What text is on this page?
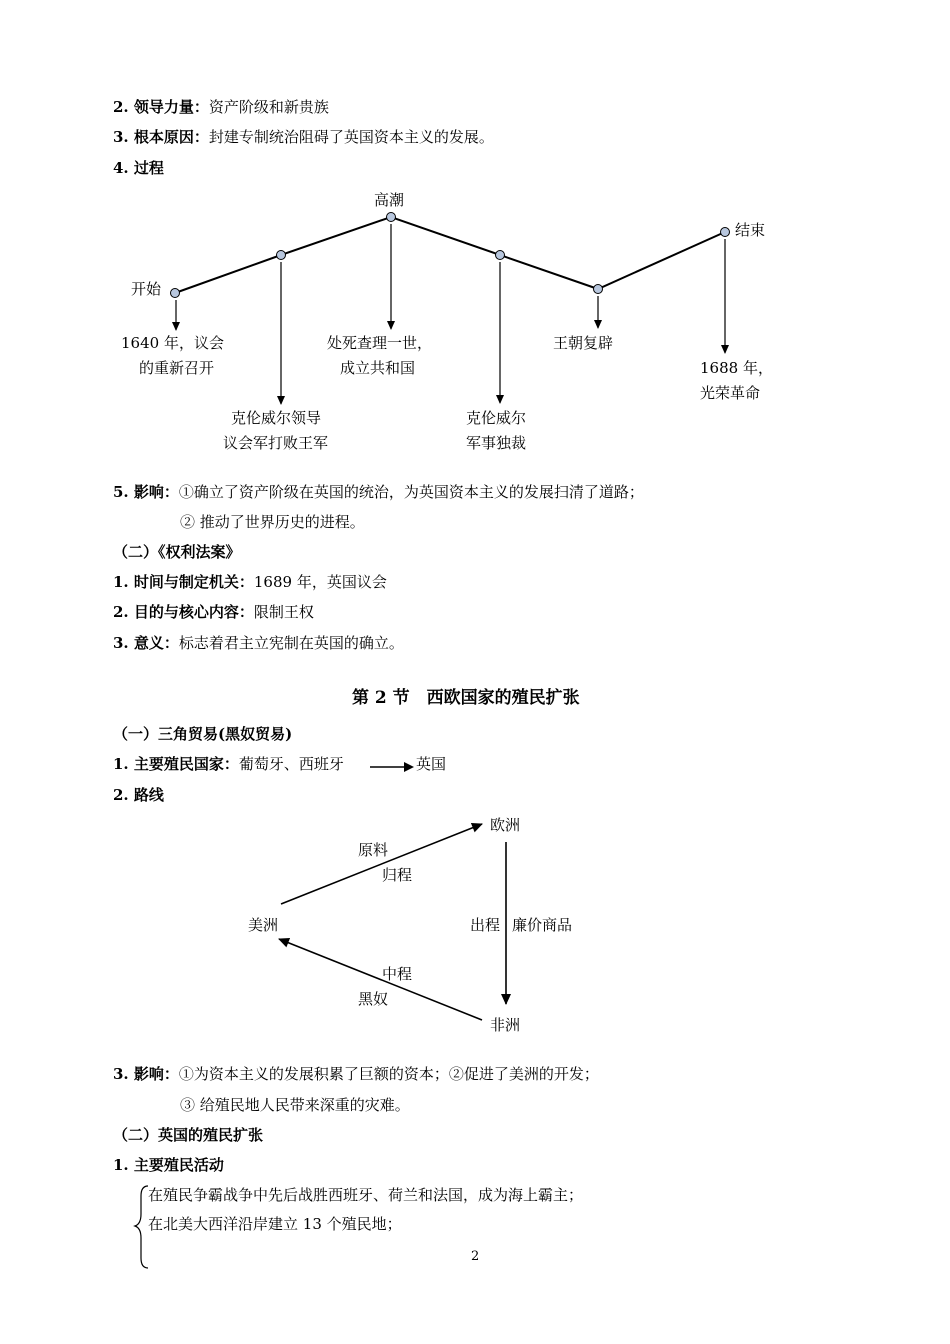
2. 领导力量：资产阶级和新贵族
3. 根本原因：封建专制统治阻碍了英国资本主义的发展。
4. 过程
开始
高潮
结束
1640 年，议会
的重新召开
克伦威尔领导
议会军打败王军
处死查理一世，
成立共和国
克伦威尔
军事独裁
王朝复辟
1688 年，
光荣革命
5. 影响：①确立了资产阶级在英国的统治，为英国资本主义的发展扫清了道路；
② 推动了世界历史的进程。
（二）《权利法案》
1. 时间与制定机关：1689 年，英国议会
2. 目的与核心内容：限制王权
3. 意义：标志着君主立宪制在英国的确立。
第 2 节　西欧国家的殖民扩张
（一）三角贸易(黑奴贸易)
1. 主要殖民国家：葡萄牙、西班牙	英国
2. 路线
欧洲
美洲
非洲
原料
归程
出程 廉价商品
中程
黑奴
3. 影响：①为资本主义的发展积累了巨额的资本；②促进了美洲的开发；
③ 给殖民地人民带来深重的灾难。
（二）英国的殖民扩张
1. 主要殖民活动
在殖民争霸战争中先后战胜西班牙、荷兰和法国，成为海上霸主；
在北美大西洋沿岸建立 13 个殖民地；
2
